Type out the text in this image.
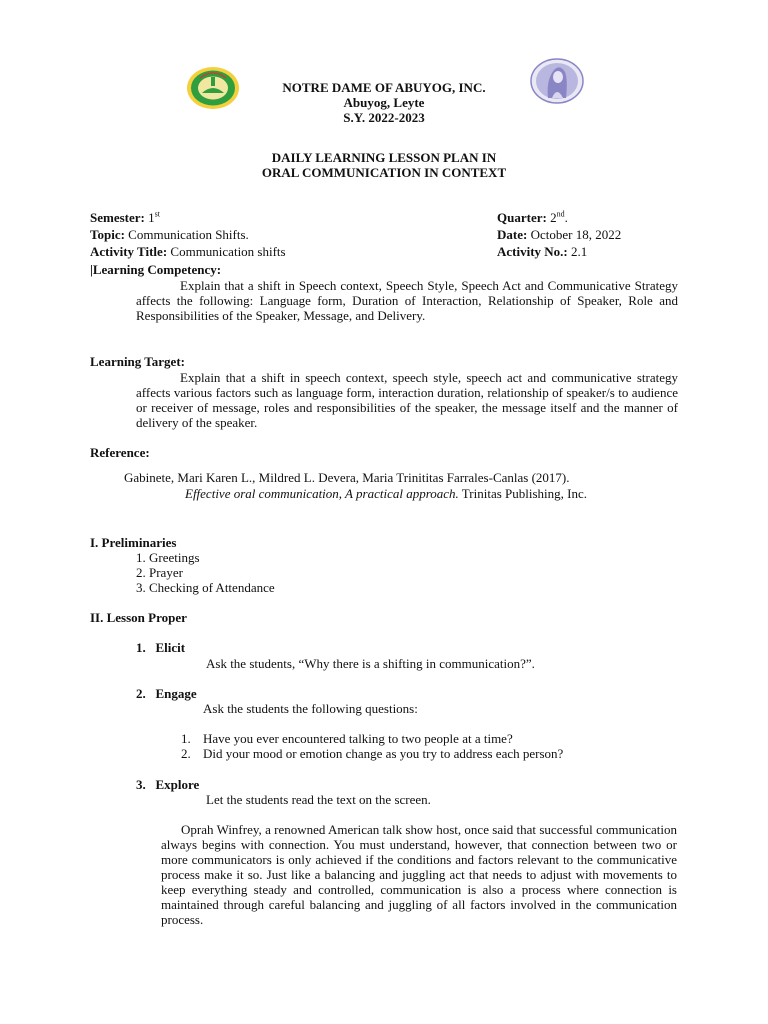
NOTRE DAME OF ABUYOG, INC.
Abuyog, Leyte
S.Y. 2022-2023
DAILY LEARNING LESSON PLAN IN
ORAL COMMUNICATION IN CONTEXT
Semester: 1st	Quarter: 2nd.
Topic: Communication Shifts.	Date: October 18, 2022
Activity Title: Communication shifts	Activity No.: 2.1
|Learning Competency:
Explain that a shift in Speech context, Speech Style, Speech Act and Communicative Strategy affects the following: Language form, Duration of Interaction, Relationship of Speaker, Role and Responsibilities of the Speaker, Message, and Delivery.
Learning Target:
Explain that a shift in speech context, speech style, speech act and communicative strategy affects various factors such as language form, interaction duration, relationship of speaker/s to audience or receiver of message, roles and responsibilities of the speaker, the message itself and the manner of delivery of the speaker.
Reference:
Gabinete, Mari Karen L., Mildred L. Devera, Maria Trinititas Farrales-Canlas (2017).
Effective oral communication, A practical approach. Trinitas Publishing, Inc.
I. Preliminaries
1. Greetings
2. Prayer
3. Checking of Attendance
II. Lesson Proper
1.   Elicit
Ask the students, “Why there is a shifting in communication?”.
2.   Engage
Ask the students the following questions:
1. Have you ever encountered talking to two people at a time?
2. Did your mood or emotion change as you try to address each person?
3.   Explore
Let the students read the text on the screen.
Oprah Winfrey, a renowned American talk show host, once said that successful communication always begins with connection. You must understand, however, that connection between two or more communicators is only achieved if the conditions and factors relevant to the communicative process make it so. Just like a balancing and juggling act that needs to adjust with movements to keep everything steady and controlled, communication is also a process where connection is maintained through careful balancing and juggling of all factors involved in the communication process.
